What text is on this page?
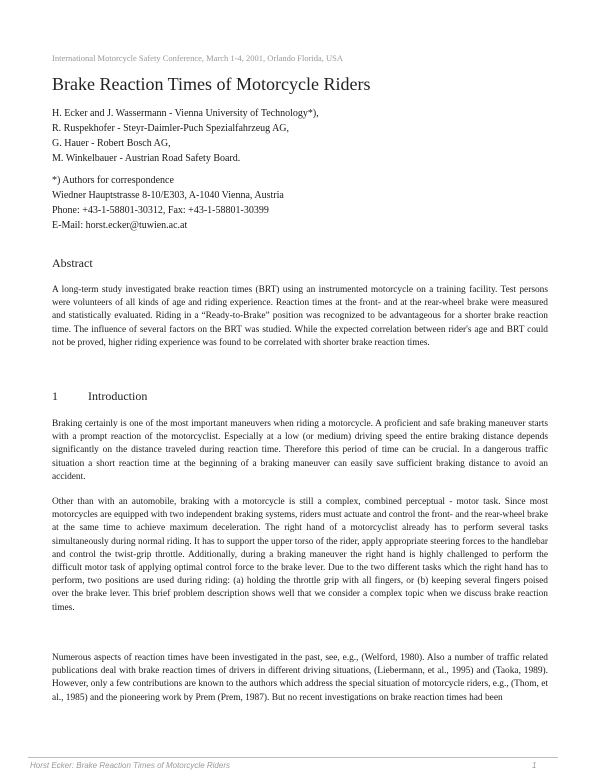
International Motorcycle Safety Conference, March 1-4, 2001, Orlando Florida, USA
Brake Reaction Times of Motorcycle Riders
H. Ecker and J. Wassermann - Vienna University of Technology*),
R. Ruspekhofer - Steyr-Daimler-Puch Spezialfahrzeug AG,
G. Hauer - Robert Bosch AG,
M. Winkelbauer - Austrian Road Safety Board.
*) Authors for correspondence
Wiedner Hauptstrasse 8-10/E303, A-1040 Vienna, Austria
Phone: +43-1-58801-30312, Fax: +43-1-58801-30399
E-Mail: horst.ecker@tuwien.ac.at
Abstract

A long-term study investigated brake reaction times (BRT) using an instrumented motorcycle on a training facility. Test persons were volunteers of all kinds of age and riding experience. Reaction times at the front- and at the rear-wheel brake were measured and statistically evaluated. Riding in a “Ready-to-Brake” position was recognized to be advantageous for a shorter brake reaction time. The influence of several factors on the BRT was studied. While the expected correlation between rider's age and BRT could not be proved, higher riding experience was found to be correlated with shorter brake reaction times.

1	Introduction

Braking certainly is one of the most important maneuvers when riding a motorcycle. A proficient and safe braking maneuver starts with a prompt reaction of the motorcyclist. Especially at a low (or medium) driving speed the entire braking distance depends significantly on the distance traveled during reaction time. Therefore this period of time can be crucial. In a dangerous traffic situation a short reaction time at the beginning of a braking maneuver can easily save sufficient braking distance to avoid an accident.

Other than with an automobile, braking with a motorcycle is still a complex, combined perceptual - motor task. Since most motorcycles are equipped with two independent braking systems, riders must actuate and control the front- and the rear-wheel brake at the same time to achieve maximum deceleration. The right hand of a motorcyclist already has to perform several tasks simultaneously during normal riding. It has to support the upper torso of the rider, apply appropriate steering forces to the handlebar and control the twist-grip throttle. Additionally, during a braking maneuver the right hand is highly challenged to perform the difficult motor task of applying optimal control force to the brake lever. Due to the two different tasks which the right hand has to perform, two positions are used during riding: (a) holding the throttle grip with all fingers, or (b) keeping several fingers poised over the brake lever. This brief problem description shows well that we consider a complex topic when we discuss brake reaction times.

Numerous aspects of reaction times have been investigated in the past, see, e.g., (Welford, 1980). Also a number of traffic related publications deal with brake reaction times of drivers in different driving situations, (Liebermann, et al., 1995) and (Taoka, 1989). However, only a few contributions are known to the authors which address the special situation of motorcycle riders, e.g., (Thom, et al., 1985) and the pioneering work by Prem (Prem, 1987). But no recent investigations on brake reaction times had been

Horst Ecker: Brake Reaction Times of Motorcycle Riders	1
